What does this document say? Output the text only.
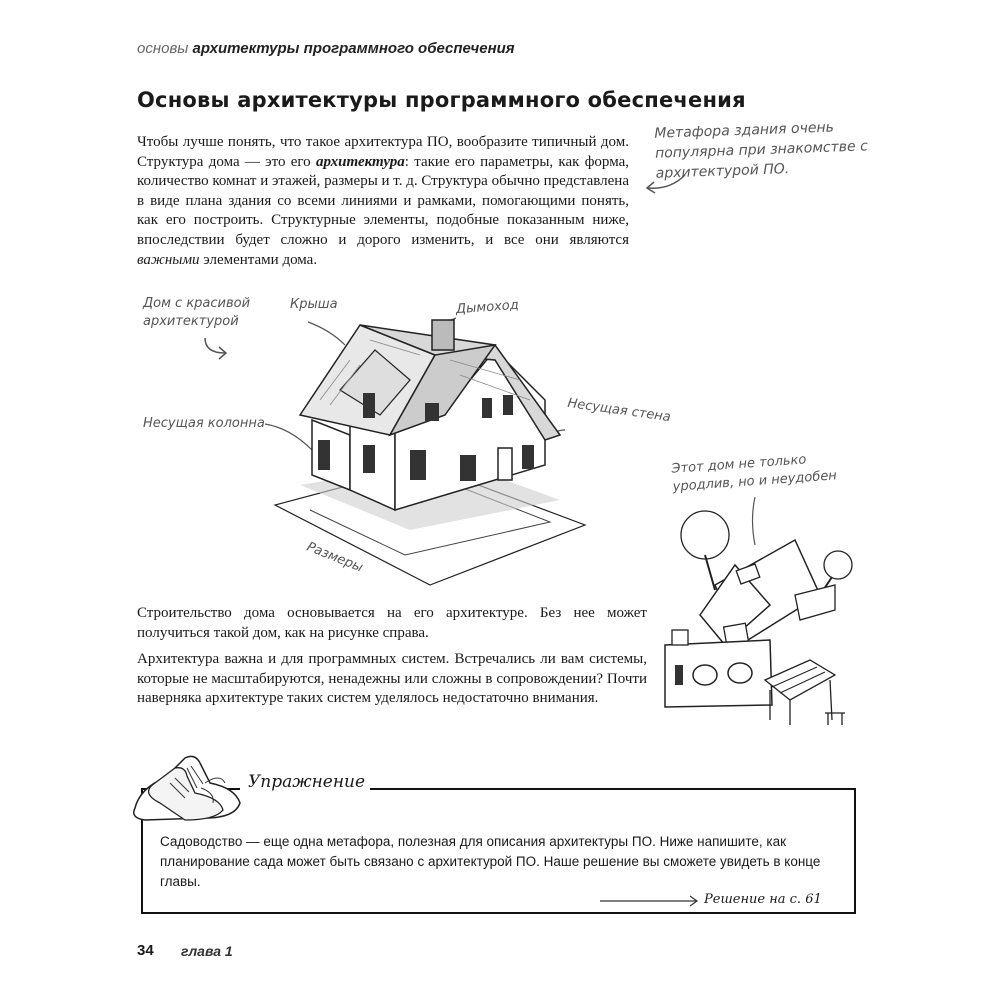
основы архитектуры программного обеспечения
Основы архитектуры программного обеспечения
Чтобы лучше понять, что такое архитектура ПО, вообразите типичный дом. Структура дома — это его архитектура: такие его параметры, как форма, количество комнат и этажей, размеры и т. д. Структура обычно представлена в виде плана здания со всеми линиями и рамками, помогающими понять, как его построить. Структурные элементы, подобные показанным ниже, впоследствии будет сложно и дорого изменить, и все они являются важными элементами дома.
Метафора здания очень популярна при знакомстве с архитектурой ПО.
Дом с красивой архитектурой
Крыша	Дымоход
Несущая колонна	Несущая стена
Размеры
Этот дом не только уродлив, но и неудобен
Строительство дома основывается на его архитектуре. Без нее может получиться такой дом, как на рисунке справа.
Архитектура важна и для программных систем. Встречались ли вам системы, которые не масштабируются, ненадежны или сложны в сопровождении? Почти наверняка архитектуре таких систем уделялось недостаточно внимания.
Упражнение
Садоводство — еще одна метафора, полезная для описания архитектуры ПО. Ниже напишите, как планирование сада может быть связано с архитектурой ПО. Наше решение вы сможете увидеть в конце главы.
Решение на с. 61
34 глава 1
